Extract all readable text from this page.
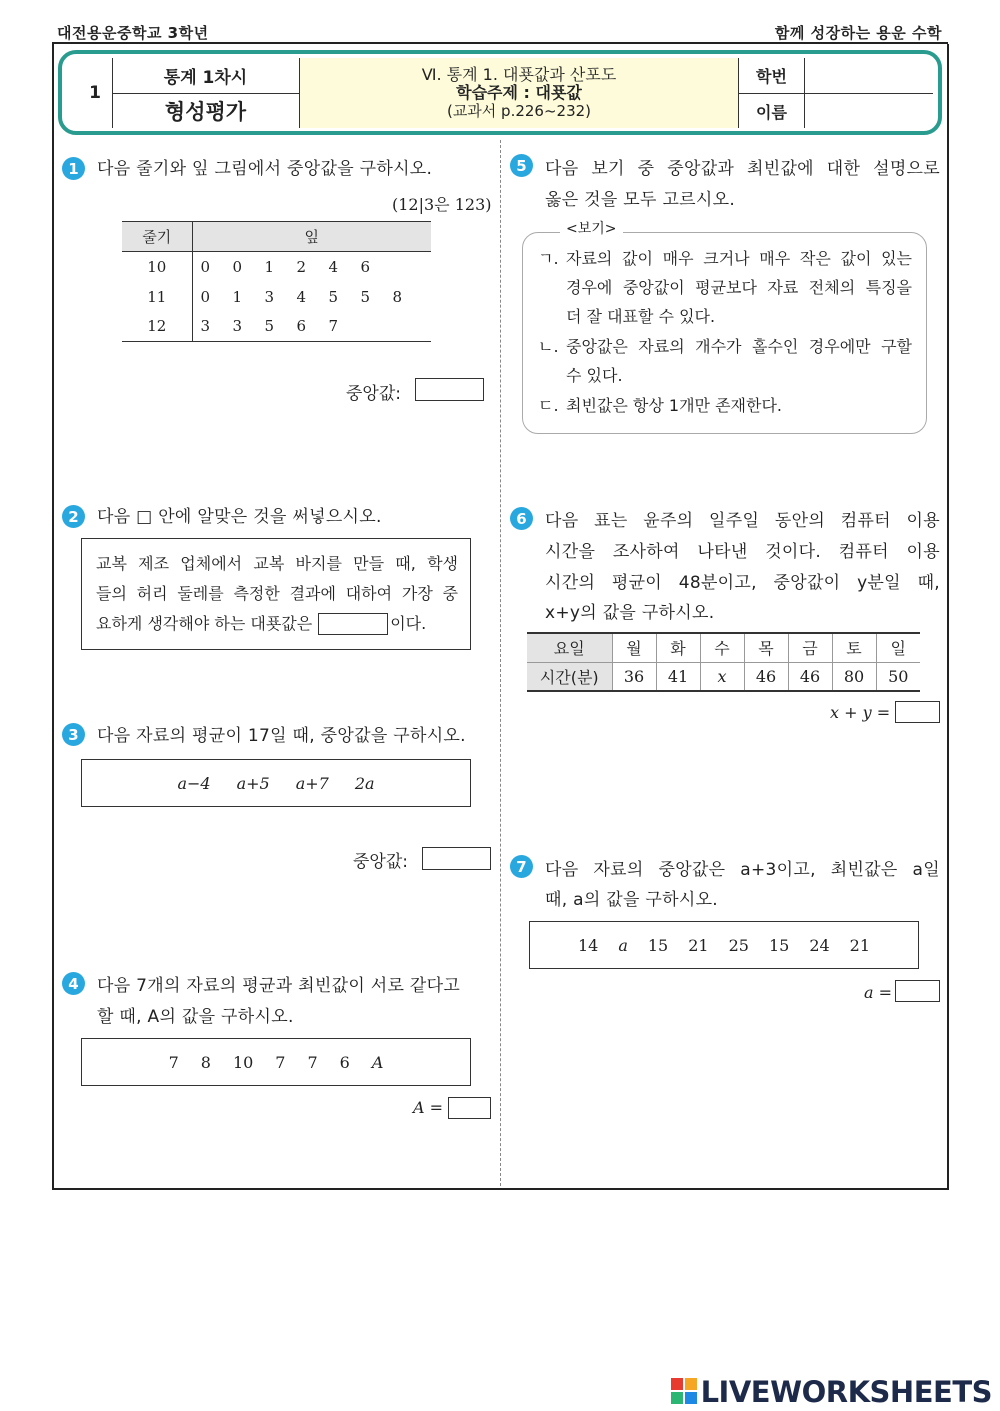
대전용운중학교 3학년	함께 성장하는 용운 수학
1
통계 1차시
형성평가
Ⅵ. 통계 1. 대푯값과 산포도
학습주제 : 대푯값
(교과서 p.226~232)
학번
이름
1	다음 줄기와 잎 그림에서 중앙값을 구하시오.
(12|3은 123)
줄기	잎
10	0 0 1 2 4 6
11	0 1 3 4 5 5 8
12	3 3 5 6 7
중앙값:
2	다음 □ 안에 알맞은 것을 써넣으시오.
교복 제조 업체에서 교복 바지를 만들 때, 학생
들의 허리 둘레를 측정한 결과에 대하여 가장 중
요하게 생각해야 하는 대푯값은	이다.
3	다음 자료의 평균이 17일 때, 중앙값을 구하시오.
a−4 a+5 a+7 2a
중앙값:
4	다음 7개의 자료의 평균과 최빈값이 서로 같다고
할 때, A의 값을 구하시오.
7 8 10 7 7 6 A
A =
5	다음 보기 중 중앙값과 최빈값에 대한 설명으로
옳은 것을 모두 고르시오.
<보기>
ㄱ. 자료의 값이 매우 크거나 매우 작은 값이 있는
경우에 중앙값이 평균보다 자료 전체의 특징을
더 잘 대표할 수 있다.
ㄴ. 중앙값은 자료의 개수가 홀수인 경우에만 구할
수 있다.
ㄷ. 최빈값은 항상 1개만 존재한다.
6	다음 표는 윤주의 일주일 동안의 컴퓨터 이용
시간을 조사하여 나타낸 것이다. 컴퓨터 이용
시간의 평균이 48분이고, 중앙값이 y분일 때,
x+y의 값을 구하시오.
요일	월	화	수	목	금	토	일
시간(분)	36	41	x	46	46	80	50
x + y =
7	다음 자료의 중앙값은 a+3이고, 최빈값은 a일
때, a의 값을 구하시오.
14 a 15 21 25 15 24 21
a =
LIVEWORKSHEETS
